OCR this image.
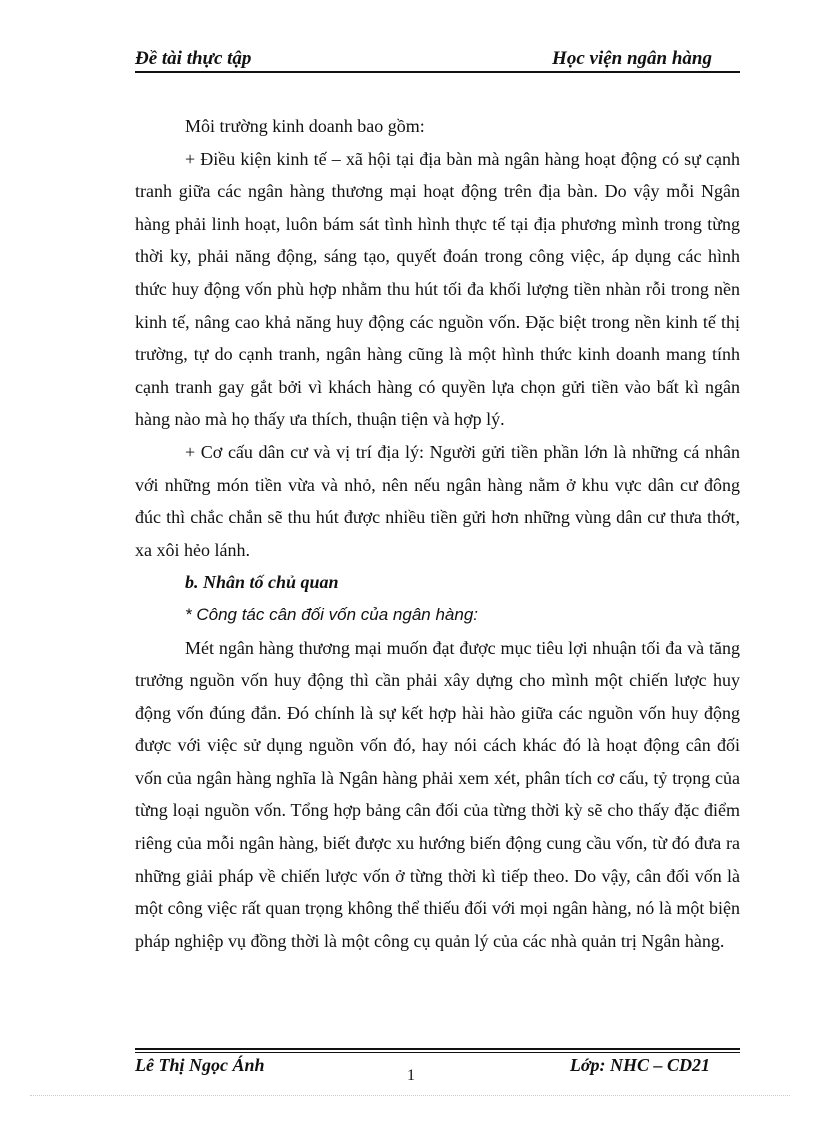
Đề tài thực tập	Học viện ngân hàng

Môi trường kinh doanh bao gồm:

+ Điều kiện kinh tế – xã hội tại địa bàn mà ngân hàng hoạt động có sự cạnh tranh giữa các ngân hàng thương mại hoạt động trên địa bàn. Do vậy mỗi Ngân hàng phải linh hoạt, luôn bám sát tình hình thực tế tại địa phương mình trong từng thời ky, phải năng động, sáng tạo, quyết đoán trong công việc, áp dụng các hình thức huy động vốn phù hợp nhằm thu hút tối đa khối lượng tiền nhàn rỗi trong nền kinh tế, nâng cao khả năng huy động các nguồn vốn. Đặc biệt trong nền kinh tế thị trường, tự do cạnh tranh, ngân hàng cũng là một hình thức kinh doanh mang tính cạnh tranh gay gắt bởi vì khách hàng có quyền lựa chọn gửi tiền vào bất kì ngân hàng nào mà họ thấy ưa thích, thuận tiện và hợp lý.

+ Cơ cấu dân cư và vị trí địa lý: Người gửi tiền phần lớn là những cá nhân với những món tiền vừa và nhỏ, nên nếu ngân hàng nằm ở khu vực dân cư đông đúc thì chắc chắn sẽ thu hút được nhiều tiền gửi hơn những vùng dân cư thưa thớt, xa xôi hẻo lánh.

b. Nhân tố chủ quan

* Công tác cân đối vốn của ngân hàng:

Mét ngân hàng thương mại muốn đạt được mục tiêu lợi nhuận tối đa và tăng trưởng nguồn vốn huy động thì cần phải xây dựng cho mình một chiến lược huy động vốn đúng đắn. Đó chính là sự kết hợp hài hào giữa các nguồn vốn huy động được với việc sử dụng nguồn vốn đó, hay nói cách khác đó là hoạt động cân đối vốn của ngân hàng nghĩa là Ngân hàng phải xem xét, phân tích cơ cấu, tỷ trọng của từng loại nguồn vốn. Tổng hợp bảng cân đối của từng thời kỳ sẽ cho thấy đặc điểm riêng của mỗi ngân hàng, biết được xu hướng biến động cung cầu vốn, từ đó đưa ra những giải pháp về chiến lược vốn ở từng thời kì tiếp theo. Do vậy, cân đối vốn là một công việc rất quan trọng không thể thiếu đối với mọi ngân hàng, nó là một biện pháp nghiệp vụ đồng thời là một công cụ quản lý của các nhà quản trị Ngân hàng.

Lê Thị Ngọc Ánh
1
Lớp: NHC – CD21
